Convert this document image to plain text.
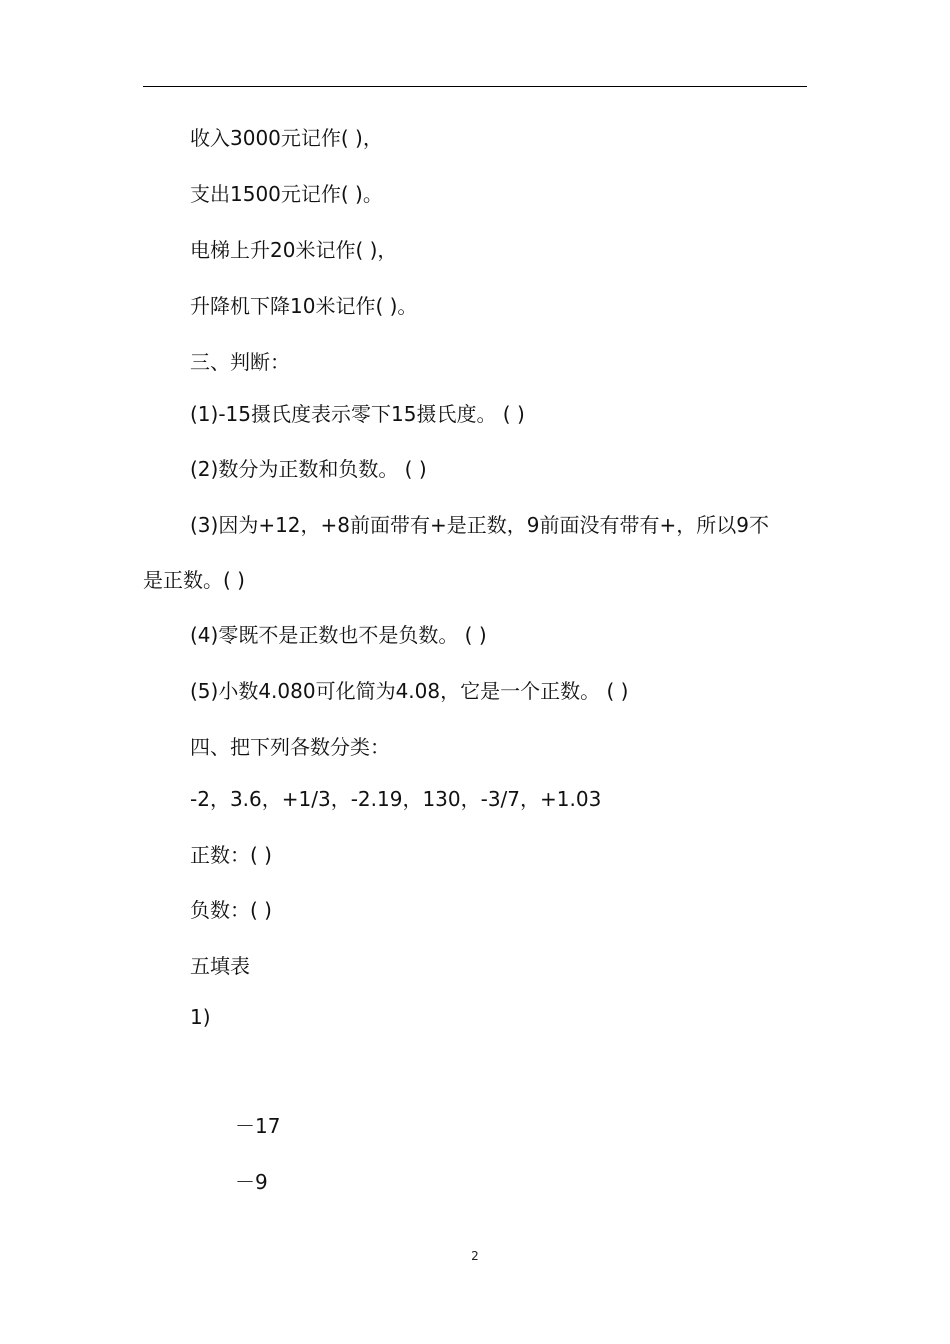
收入3000元记作( )，
支出1500元记作( )。
电梯上升20米记作( )，
升降机下降10米记作( )。
三、判断：
(1)-15摄氏度表示零下15摄氏度。 ( )
(2)数分为正数和负数。 ( )
(3)因为+12，+8前面带有+是正数，9前面没有带有+，所以9不
是正数。( )
(4)零既不是正数也不是负数。 ( )
(5)小数4.080可化简为4.08，它是一个正数。 ( )
四、把下列各数分类：
-2，3.6，+1/3，-2.19，130，-3/7，+1.03
正数：( )
负数：( )
五填表
1)
－17
－9
2
